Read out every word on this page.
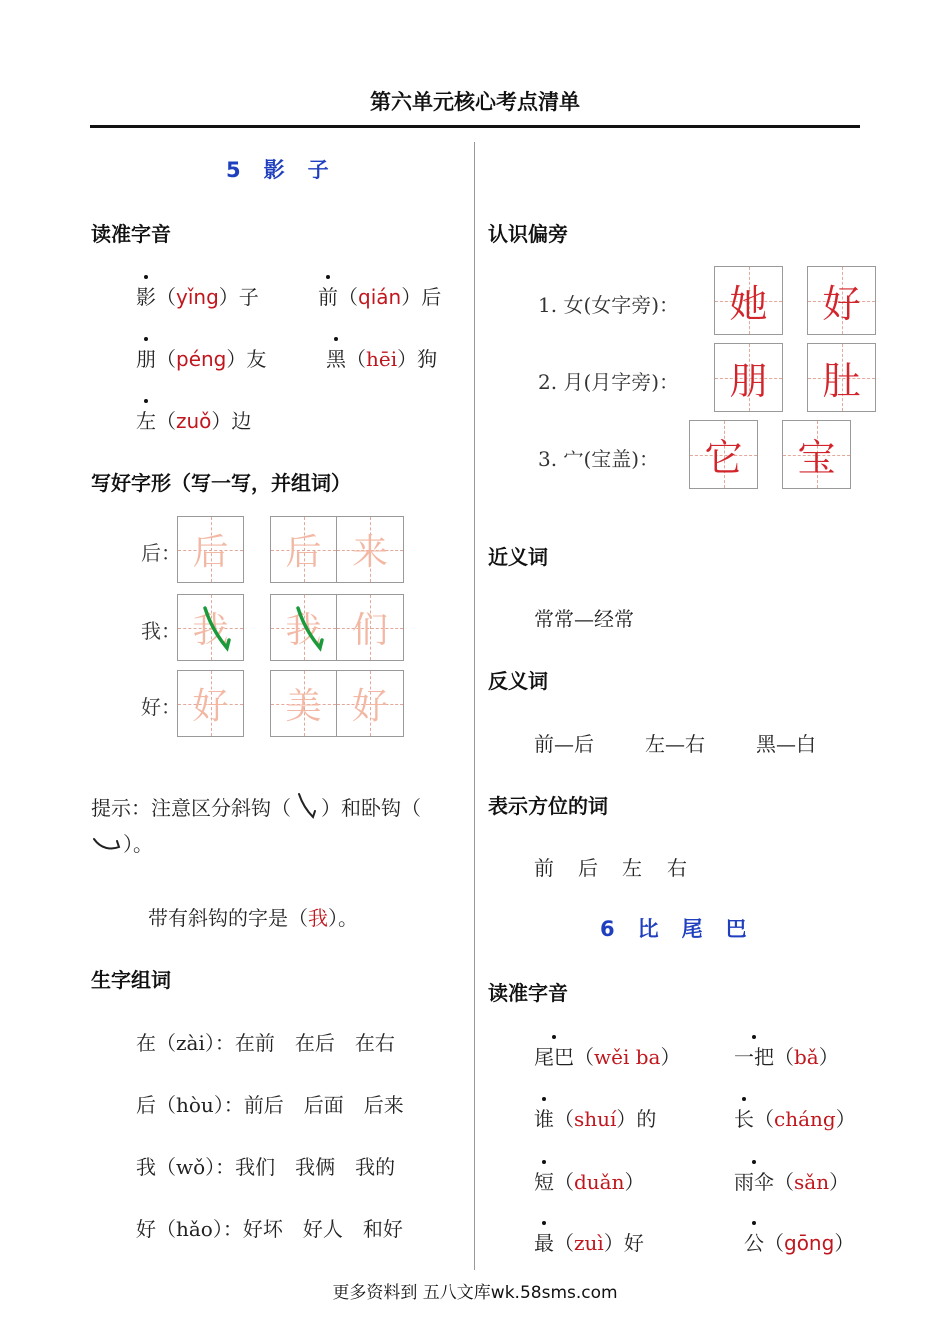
第六单元核心考点清单
5 影 子
读准字音
影（yǐng）子	前（qián）后
朋（péng）友	黑（hēi）狗
左（zuǒ）边
写好字形（写一写，并组词）
后： 后 后 来
我： 我 我 们
好： 好 美 好
提示：注意区分斜钩（ ）和卧钩（
）。
带有斜钩的字是（我）。
生字组词
在（zài）：在前　在后　在右
后（hòu）：前后　后面　后来
我（wǒ）：我们　我俩　我的
好（hǎo）：好坏　好人　和好
认识偏旁
1. 女(女字旁)： 她 好
2. 月(月字旁)： 朋 肚
3. 宀(宝盖)： 它 宝
近义词
常常—经常
反义词
前—后	左—右	黑—白
表示方位的词
前 后 左 右
6 比 尾 巴
读准字音
尾巴（wěi ba）	一把（bǎ）
谁（shuí）的	长（cháng）
短（duǎn）	雨伞（sǎn）
最（zuì）好	公（gōng）
更多资料到 五八文库wk.58sms.com
